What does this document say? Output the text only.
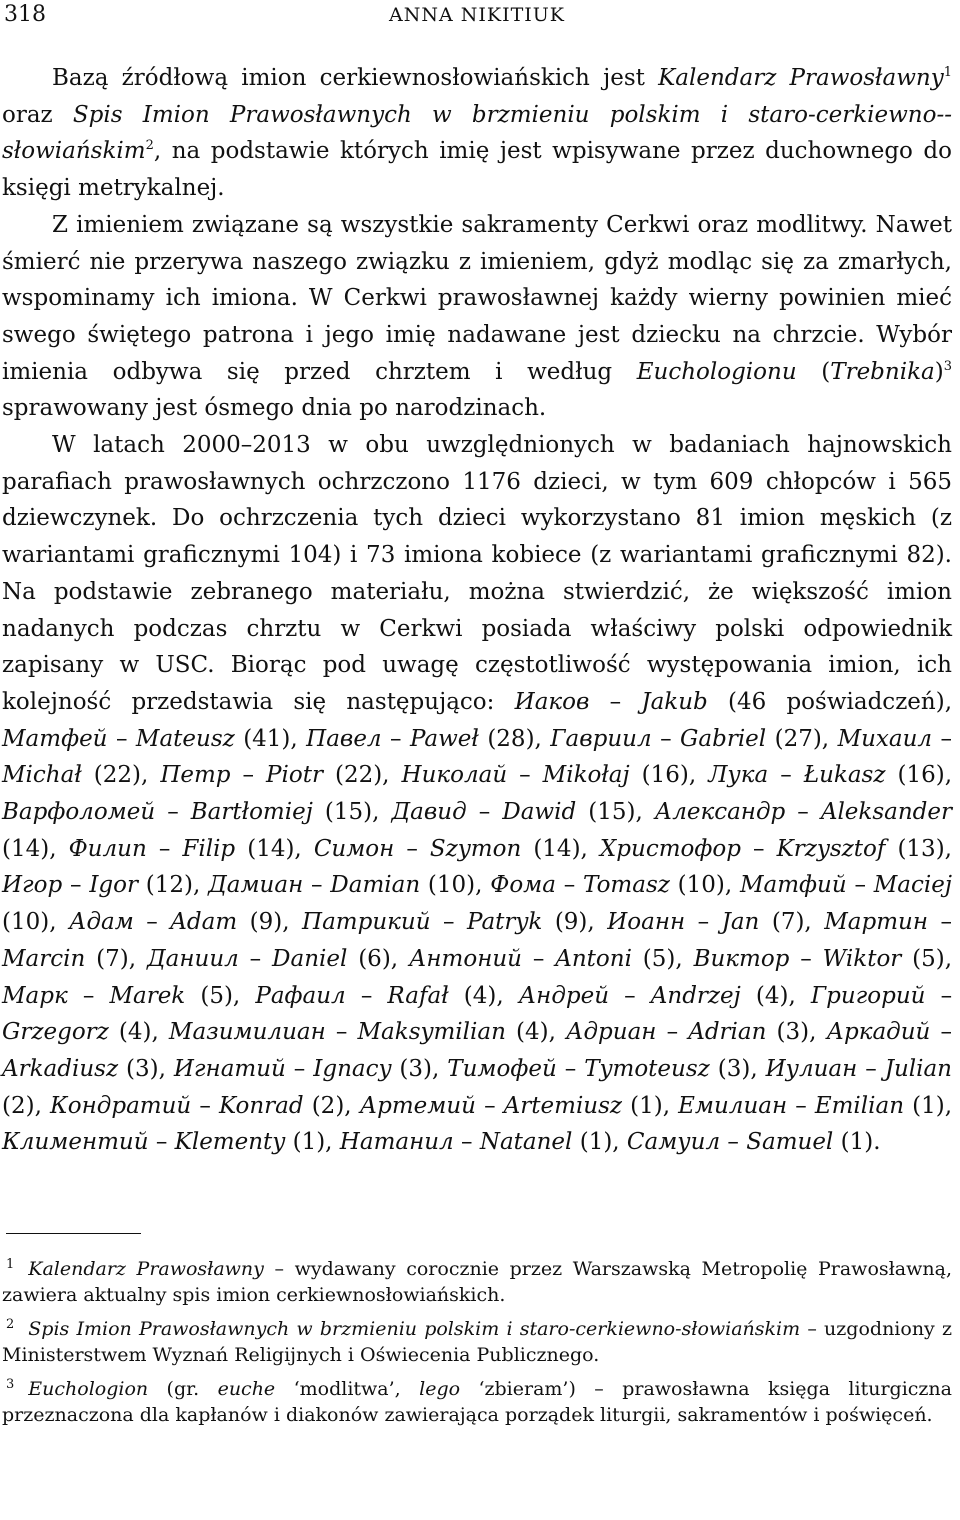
318	ANNA NIKITIUK

Bazą źródłową imion cerkiewnosłowiańskich jest Kalendarz Prawosławny$^1$ oraz Spis Imion Prawosławnych w brzmieniu polskim i staro-cerkiewno--słowiańskim$^2$, na podstawie których imię jest wpisywane przez duchownego do księgi metrykalnej.

Z imieniem związane są wszystkie sakramenty Cerkwi oraz modlitwy. Nawet śmierć nie przerywa naszego związku z imieniem, gdyż modląc się za zmarłych, wspominamy ich imiona. W Cerkwi prawosławnej każdy wierny powinien mieć swego świętego patrona i jego imię nadawane jest dziecku na chrzcie. Wybór imienia odbywa się przed chrztem i według Euchologionu (Trebnika)$^3$ sprawowany jest ósmego dnia po narodzinach.

W latach 2000–2013 w obu uwzględnionych w badaniach hajnowskich parafiach prawosławnych ochrzczono 1176 dzieci, w tym 609 chłopców i 565 dziewczynek. Do ochrzczenia tych dzieci wykorzystano 81 imion męskich (z wariantami graficznymi 104) i 73 imiona kobiece (z wariantami graficznymi 82). Na podstawie zebranego materiału, można stwierdzić, że większość imion nadanych podczas chrztu w Cerkwi posiada właściwy polski odpowiednik zapisany w USC. Biorąc pod uwagę częstotliwość występowania imion, ich kolejność przedstawia się następująco: Иаков – Jakub (46 poświadczeń), Матфей – Mateusz (41), Павел – Paweł (28), Гавриил – Gabriel (27), Михаил – Michał (22), Петр – Piotr (22), Николай – Mikołaj (16), Лука – Łukasz (16), Варфоломей – Bartłomiej (15), Давид – Dawid (15), Александр – Aleksander (14), Филип – Filip (14), Симон – Szymon (14), Христофор – Krzysztof (13), Игор – Igor (12), Дамиан – Damian (10), Фома – Tomasz (10), Матфий – Maciej (10), Адам – Adam (9), Патрикий – Patryk (9), Иоанн – Jan (7), Мартин – Marcin (7), Даниил – Daniel (6), Антоний – Antoni (5), Виктор – Wiktor (5), Марк – Marek (5), Рафаил – Rafał (4), Андрей – Andrzej (4), Григорий – Grzegorz (4), Мазимилиан – Maksymilian (4), Адриан – Adrian (3), Аркадий – Arkadiusz (3), Игнатий – Ignacy (3), Тимофей – Tymoteusz (3), Иулиан – Julian (2), Кондратий – Konrad (2), Артемий – Artemiusz (1), Емилиан – Emilian (1), Климентий – Klementy (1), Натанил – Natanel (1), Самуил – Samuel (1).

$^1$ Kalendarz Prawosławny – wydawany corocznie przez Warszawską Metropolię Prawosławną, zawiera aktualny spis imion cerkiewnosłowiańskich.

$^2$ Spis Imion Prawosławnych w brzmieniu polskim i staro-cerkiewno-słowiańskim – uzgodniony z Ministerstwem Wyznań Religijnych i Oświecenia Publicznego.

$^3$ Euchologion (gr. euche ‘modlitwa’, lego ‘zbieram’) – prawosławna księga liturgiczna przeznaczona dla kapłanów i diakonów zawierająca porządek liturgii, sakramentów i poświęceń.
